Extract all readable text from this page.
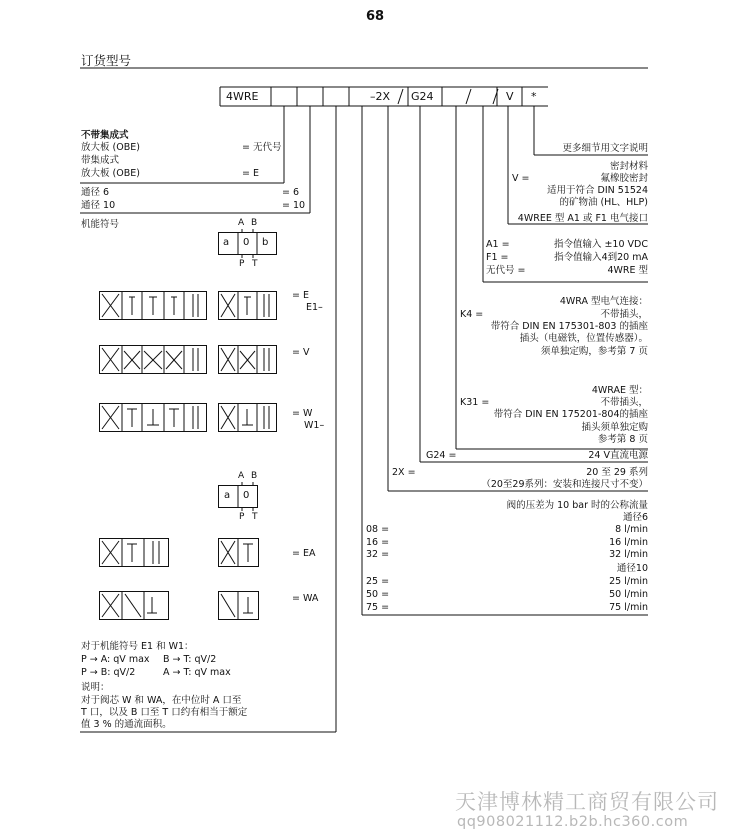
68
订货型号
4WRE	–2X G24	V *
不带集成式
放大板 (OBE)	= 无代号
带集成式
放大板 (OBE)	= E
通径 6	= 6
通径 10	= 10
机能符号	A B
a 0 b
P T
= E
E1–
= V
= W
W1–
A B
a 0
P T
= EA
= WA
对于机能符号 E1 和 W1：
P → A: qV max B → T: qV/2
P → B: qV/2	A → T: qV max
说明：
对于阀芯 W 和 WA，在中位时 A 口至
T 口，以及 B 口至 T 口约有相当于额定
值 3 % 的通流面积。
更多细节用文字说明
密封材料
V =	氟橡胶密封
适用于符合 DIN 51524
的矿物油 (HL、HLP)
4WREE 型 A1 或 F1 电气接口
A1 =	指令值输入 ±10 VDC
F1 =	指令值输入4到20 mA
无代号 =	4WRE 型
4WRA 型电气连接：
K4 =	不带插头，
带符合 DIN EN 175301-803 的插座
插头（电磁铁，位置传感器）。
须单独定购，参考第 7 页
4WRAE 型：
K31 =	不带插头，
带符合 DIN EN 175201-804的插座
插头须单独定购
参考第 8 页
G24 =	24 V直流电源
2X =	20 至 29 系列
（20至29系列：安装和连接尺寸不变）
阀的压差为 10 bar 时的公称流量
通径6
08 =	8 l/min
16 =	16 l/min
32 =	32 l/min
通径10
25 =	25 l/min
50 =	50 l/min
75 =	75 l/min
天津博林精工商贸有限公司
qq908021112.b2b.hc360.com
